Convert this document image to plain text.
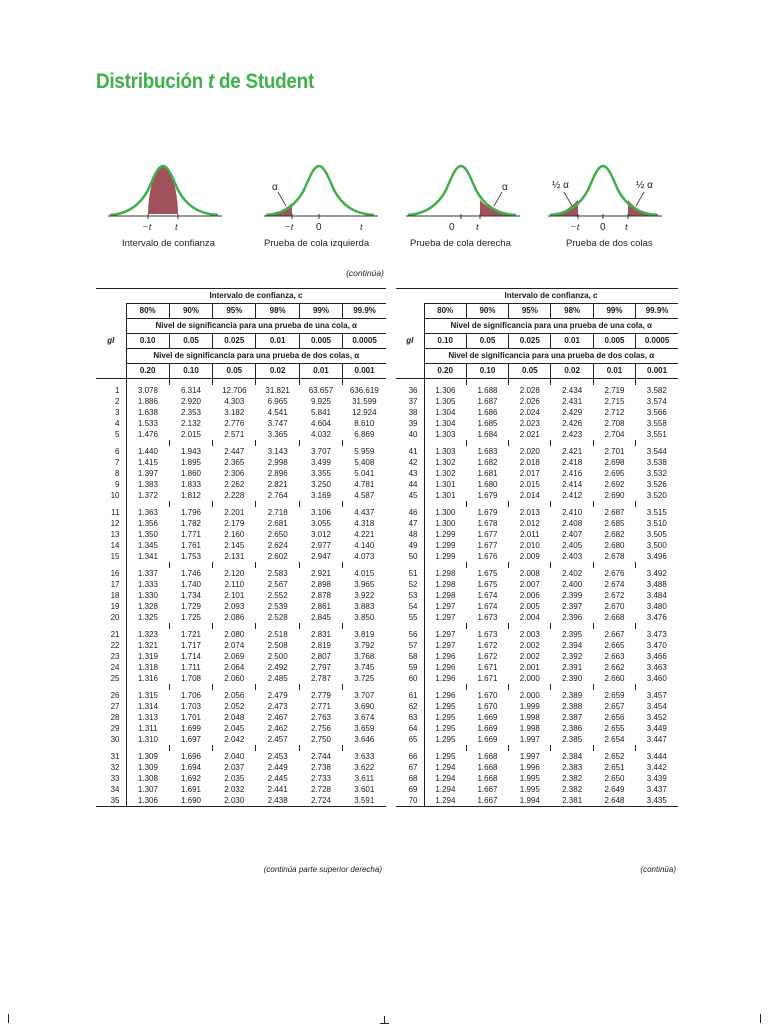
Distribución t de Student
−t t
Intervalo de confianza
α
−t 0	t
Prueba de cola izquierda
α
0 t
Prueba de cola derecha
½ α	½ α
−t 0 t
Prueba de dos colas
(continúa)
	Intervalo de confianza, c					
	80%	90%	95%	98%	99%	99.9%
	Nivel de significancia para una prueba de una cola, α					
gl	0.10	0.05	0.025	0.01	0.005	0.0005
	Nivel de significancia para una prueba de dos colas, α					
	0.20	0.10	0.05	0.02	0.01	0.001

1	3.078	6.314	12.706	31.821	63.657	636.619
2	1.886	2.920	4.303	6.965	9.925	31.599
3	1.638	2.353	3.182	4.541	5.841	12.924
4	1.533	2.132	2.776	3.747	4.604	8.610
5	1.476	2.015	2.571	3.365	4.032	6.869

6	1.440	1.943	2.447	3.143	3.707	5.959
7	1.415	1.895	2.365	2.998	3.499	5.408
8	1.397	1.860	2.306	2.896	3.355	5.041
9	1.383	1.833	2.262	2.821	3.250	4.781
10	1.372	1.812	2.228	2.764	3.169	4.587

11	1.363	1.796	2.201	2.718	3.106	4.437
12	1.356	1.782	2.179	2.681	3.055	4.318
13	1.350	1.771	2.160	2.650	3.012	4.221
14	1.345	1.761	2.145	2.624	2.977	4.140
15	1.341	1.753	2.131	2.602	2.947	4.073

16	1.337	1.746	2.120	2.583	2.921	4.015
17	1.333	1.740	2.110	2.567	2.898	3.965
18	1.330	1.734	2.101	2.552	2.878	3.922
19	1.328	1.729	2.093	2.539	2.861	3.883
20	1.325	1.725	2.086	2.528	2.845	3.850

21	1.323	1.721	2.080	2.518	2.831	3.819
22	1.321	1.717	2.074	2.508	2.819	3.792
23	1.319	1.714	2.069	2.500	2.807	3.768
24	1.318	1.711	2.064	2.492	2.797	3.745
25	1.316	1.708	2.060	2.485	2.787	3.725

26	1.315	1.706	2.056	2.479	2.779	3.707
27	1.314	1.703	2.052	2.473	2.771	3.690
28	1.313	1.701	2.048	2.467	2.763	3.674
29	1.311	1.699	2.045	2.462	2.756	3.659
30	1.310	1.697	2.042	2.457	2.750	3.646

31	1.309	1.696	2.040	2.453	2.744	3.633
32	1.309	1.694	2.037	2.449	2.738	3.622
33	1.308	1.692	2.035	2.445	2.733	3.611
34	1.307	1.691	2.032	2.441	2.728	3.601
35	1.306	1.690	2.030	2.438	2.724	3.591
	Intervalo de confianza, c					
	80%	90%	95%	98%	99%	99.9%
	Nivel de significancia para una prueba de una cola, α					
gl	0.10	0.05	0.025	0.01	0.005	0.0005
	Nivel de significancia para una prueba de dos colas, α					
	0.20	0.10	0.05	0.02	0.01	0.001

36	1.306	1.688	2.028	2.434	2.719	3.582
37	1.305	1.687	2.026	2.431	2.715	3.574
38	1.304	1.686	2.024	2.429	2.712	3.566
39	1.304	1.685	2.023	2.426	2.708	3.558
40	1.303	1.684	2.021	2.423	2.704	3.551

41	1.303	1.683	2.020	2.421	2.701	3.544
42	1.302	1.682	2.018	2.418	2.698	3.538
43	1.302	1.681	2.017	2.416	2.695	3.532
44	1.301	1.680	2.015	2.414	2.692	3.526
45	1.301	1.679	2.014	2.412	2.690	3.520

46	1.300	1.679	2.013	2.410	2.687	3.515
47	1.300	1.678	2.012	2.408	2.685	3.510
48	1.299	1.677	2.011	2.407	2.682	3.505
49	1.299	1.677	2.010	2.405	2.680	3.500
50	1.299	1.676	2.009	2.403	2.678	3.496

51	1.298	1.675	2.008	2.402	2.676	3.492
52	1.298	1.675	2.007	2.400	2.674	3.488
53	1.298	1.674	2.006	2.399	2.672	3.484
54	1.297	1.674	2.005	2.397	2.670	3.480
55	1.297	1.673	2.004	2.396	2.668	3.476

56	1.297	1.673	2.003	2.395	2.667	3.473
57	1.297	1.672	2.002	2.394	2.665	3.470
58	1.296	1.672	2.002	2.392	2.663	3.466
59	1.296	1.671	2.001	2.391	2.662	3.463
60	1.296	1.671	2.000	2.390	2.660	3.460

61	1.296	1.670	2.000	2.389	2.659	3.457
62	1.295	1.670	1.999	2.388	2.657	3.454
63	1.295	1.669	1.998	2.387	2.656	3.452
64	1.295	1.669	1.998	2.386	2.655	3.449
65	1.295	1.669	1.997	2.385	2.654	3.447

66	1.295	1.668	1.997	2.384	2.652	3.444
67	1.294	1.668	1.996	2.383	2.651	3.442
68	1.294	1.668	1.995	2.382	2.650	3.439
69	1.294	1.667	1.995	2.382	2.649	3.437
70	1.294	1.667	1.994	2.381	2.648	3.435
(continúa parte superior derecha)	(continúa)
